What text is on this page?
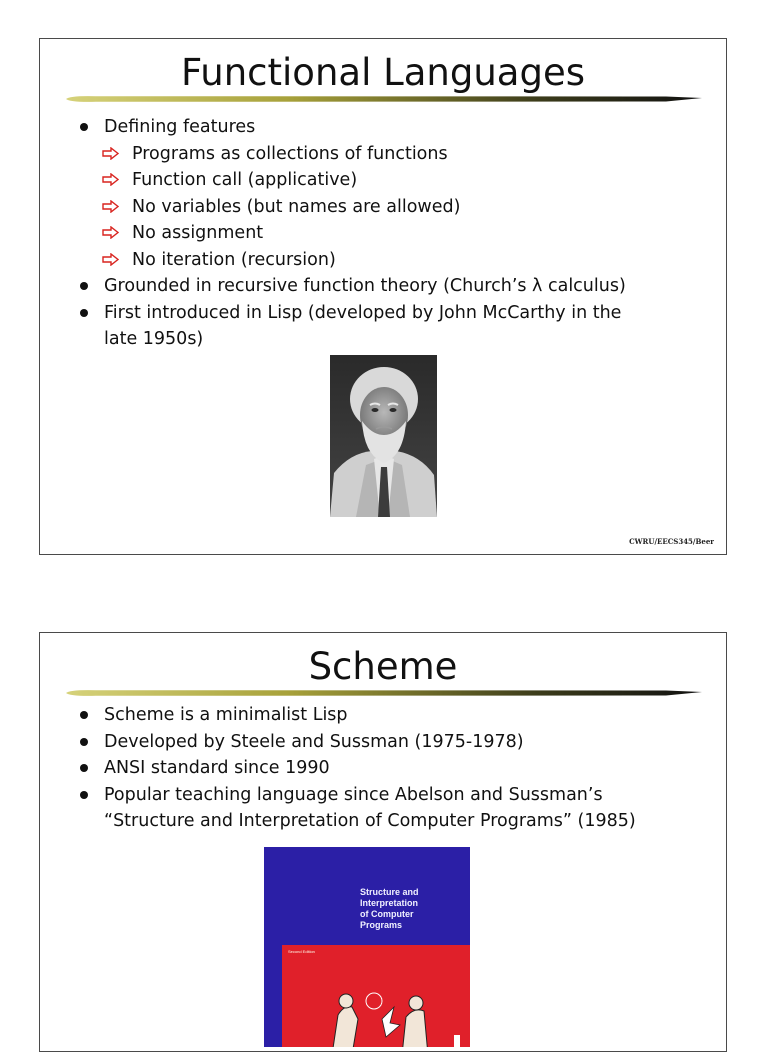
Functional Languages
Defining features
Programs as collections of functions
Function call (applicative)
No variables (but names are allowed)
No assignment
No iteration (recursion)
Grounded in recursive function theory (Church’s λ calculus)
First introduced in Lisp (developed by John McCarthy in the
late 1950s)
CWRU/EECS345/Beer
Scheme
Scheme is a minimalist Lisp
Developed by Steele and Sussman (1975-1978)
ANSI standard since 1990
Popular teaching language since Abelson and Sussman’s
“Structure and Interpretation of Computer Programs” (1985)
Structure and
Interpretation
of Computer
Programs
Second Edition
